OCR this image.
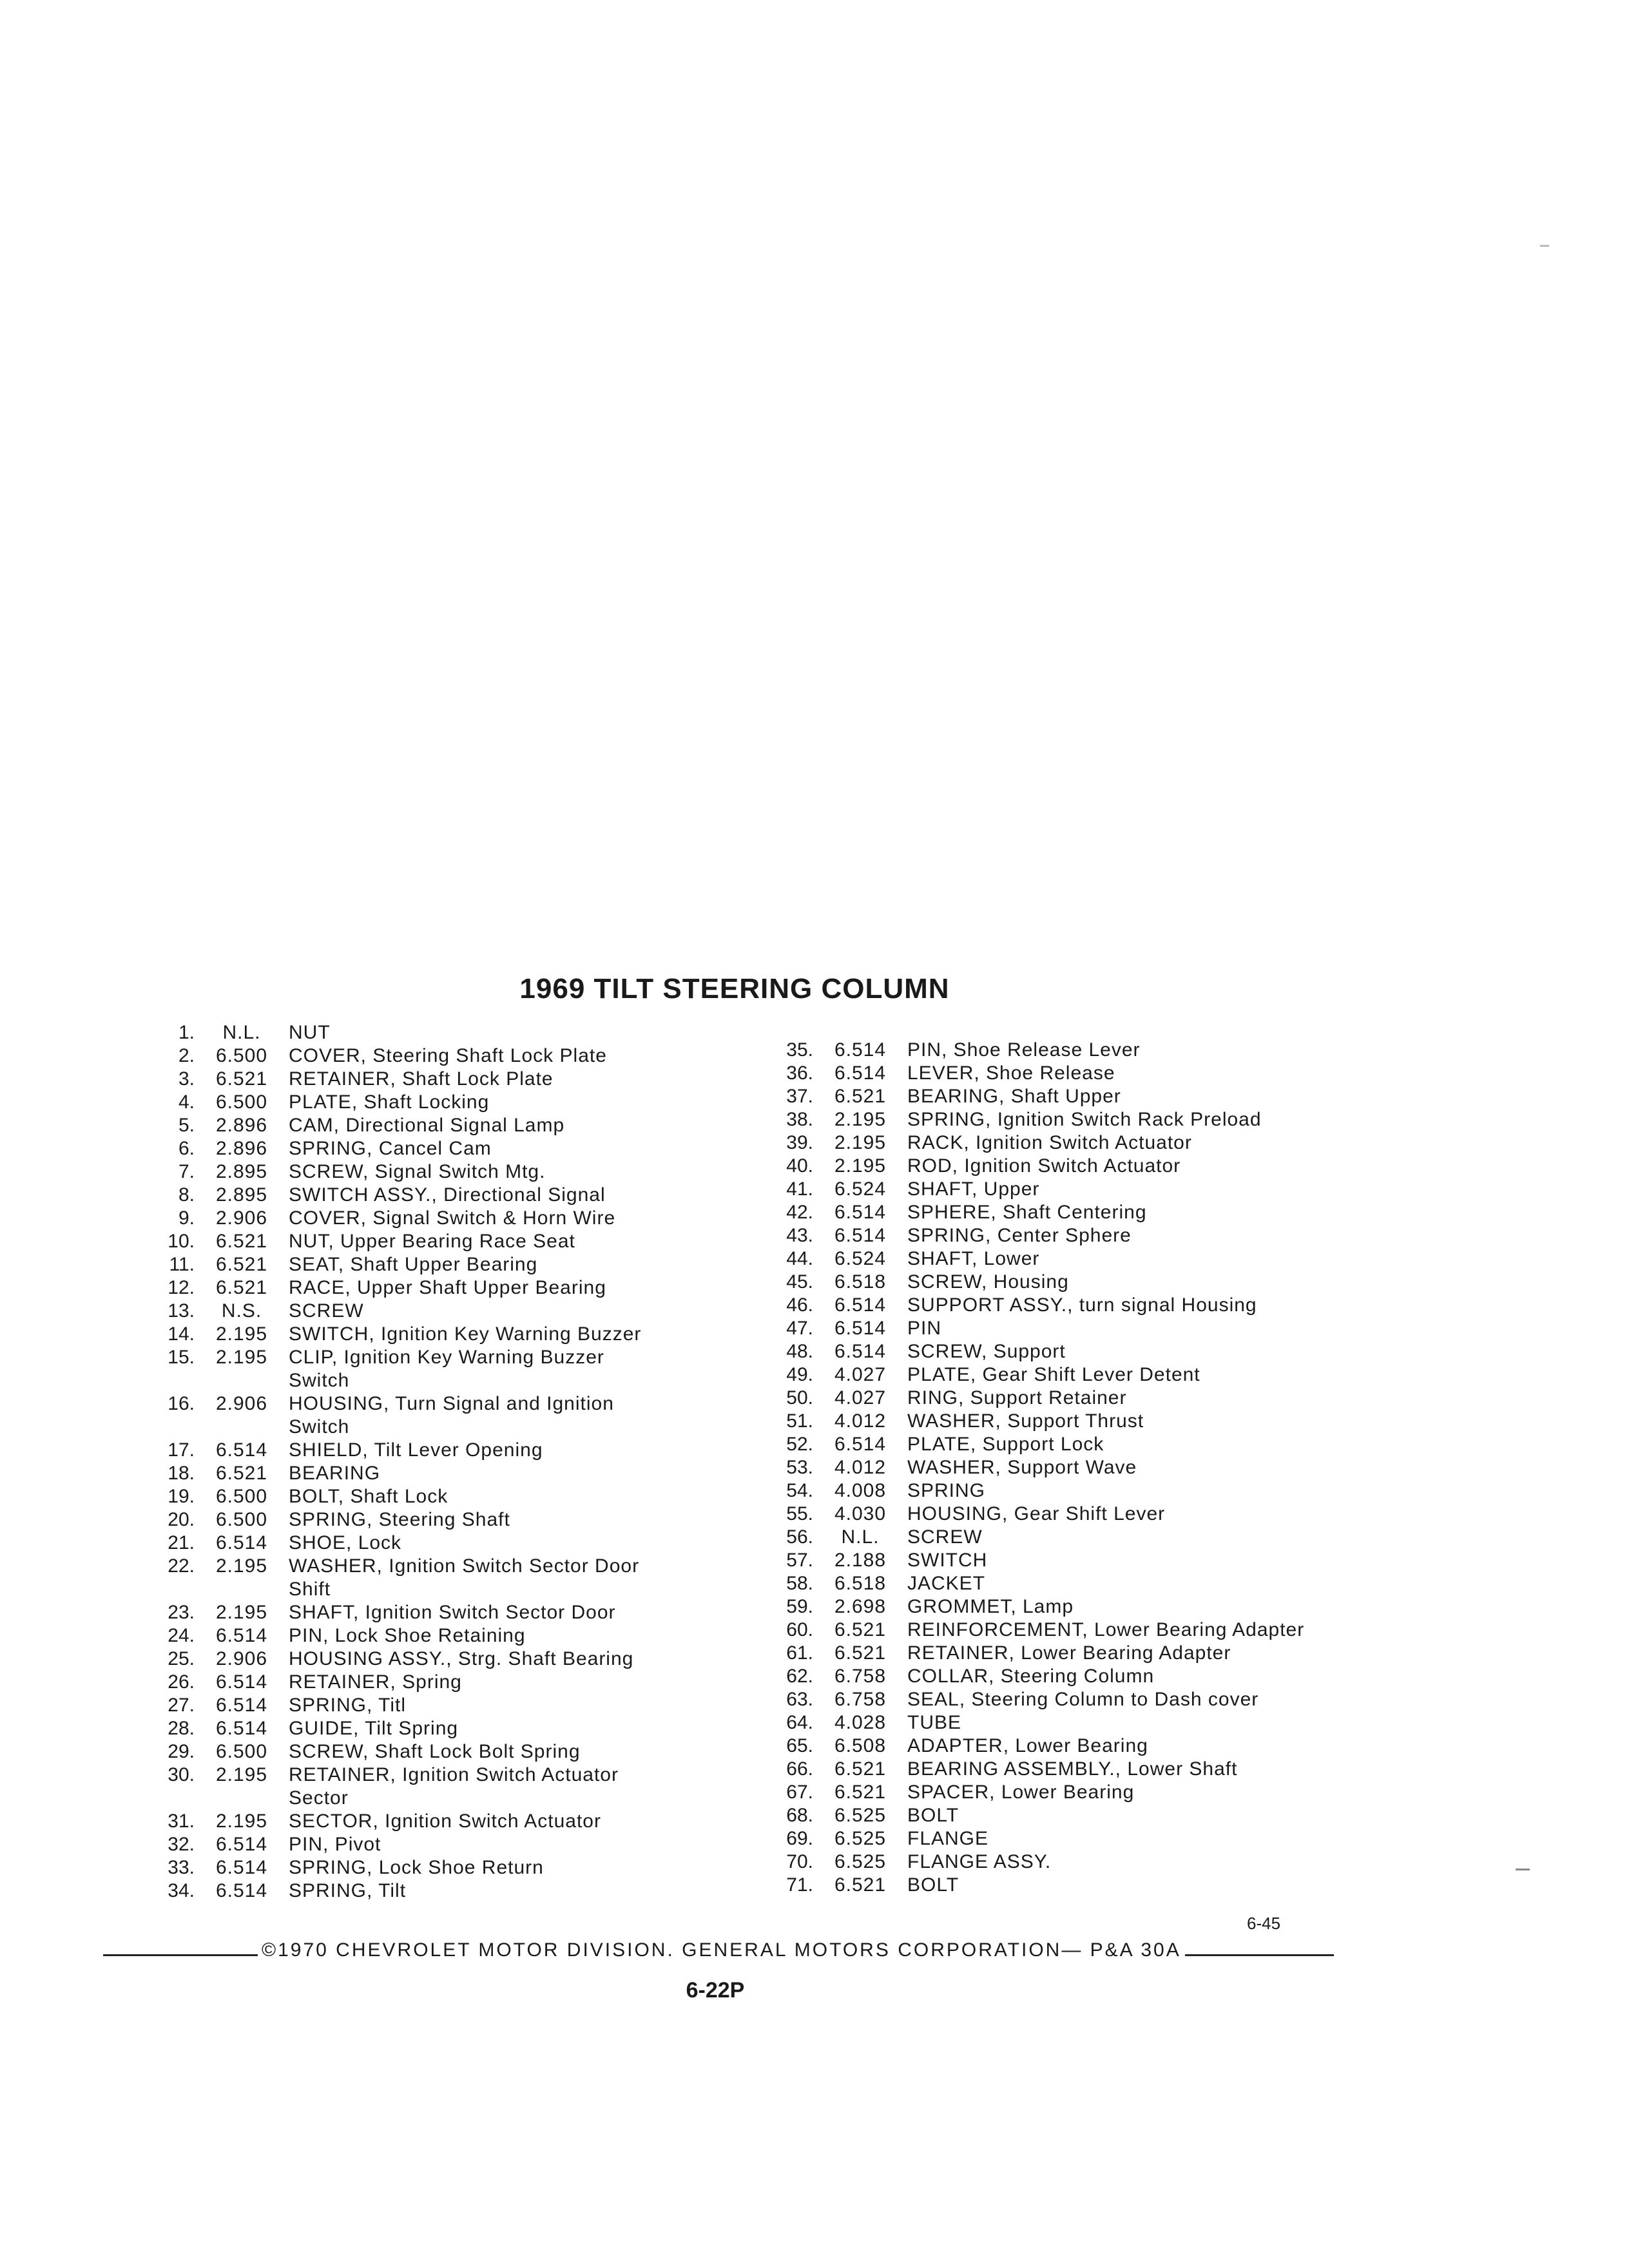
1969 TILT STEERING COLUMN
1.	N.L.	NUT
2.	6.500	COVER, Steering Shaft Lock Plate
3.	6.521	RETAINER, Shaft Lock Plate
4.	6.500	PLATE, Shaft Locking
5.	2.896	CAM, Directional Signal Lamp
6.	2.896	SPRING, Cancel Cam
7.	2.895	SCREW, Signal Switch Mtg.
8.	2.895	SWITCH ASSY., Directional Signal
9.	2.906	COVER, Signal Switch & Horn Wire
10.	6.521	NUT, Upper Bearing Race Seat
11.	6.521	SEAT, Shaft Upper Bearing
12.	6.521	RACE, Upper Shaft Upper Bearing
13.	N.S.	SCREW
14.	2.195	SWITCH, Ignition Key Warning Buzzer
15.	2.195	CLIP, Ignition Key Warning Buzzer
Switch
16.	2.906	HOUSING, Turn Signal and Ignition
Switch
17.	6.514	SHIELD, Tilt Lever Opening
18.	6.521	BEARING
19.	6.500	BOLT, Shaft Lock
20.	6.500	SPRING, Steering Shaft
21.	6.514	SHOE, Lock
22.	2.195	WASHER, Ignition Switch Sector Door
Shift
23.	2.195	SHAFT, Ignition Switch Sector Door
24.	6.514	PIN, Lock Shoe Retaining
25.	2.906	HOUSING ASSY., Strg. Shaft Bearing
26.	6.514	RETAINER, Spring
27.	6.514	SPRING, Titl
28.	6.514	GUIDE, Tilt Spring
29.	6.500	SCREW, Shaft Lock Bolt Spring
30.	2.195	RETAINER, Ignition Switch Actuator
Sector
31.	2.195	SECTOR, Ignition Switch Actuator
32.	6.514	PIN, Pivot
33.	6.514	SPRING, Lock Shoe Return
34.	6.514	SPRING, Tilt
35.	6.514	PIN, Shoe Release Lever
36.	6.514	LEVER, Shoe Release
37.	6.521	BEARING, Shaft Upper
38.	2.195	SPRING, Ignition Switch Rack Preload
39.	2.195	RACK, Ignition Switch Actuator
40.	2.195	ROD, Ignition Switch Actuator
41.	6.524	SHAFT, Upper
42.	6.514	SPHERE, Shaft Centering
43.	6.514	SPRING, Center Sphere
44.	6.524	SHAFT, Lower
45.	6.518	SCREW, Housing
46.	6.514	SUPPORT ASSY., turn signal Housing
47.	6.514	PIN
48.	6.514	SCREW, Support
49.	4.027	PLATE, Gear Shift Lever Detent
50.	4.027	RING, Support Retainer
51.	4.012	WASHER, Support Thrust
52.	6.514	PLATE, Support Lock
53.	4.012	WASHER, Support Wave
54.	4.008	SPRING
55.	4.030	HOUSING, Gear Shift Lever
56.	N.L.	SCREW
57.	2.188	SWITCH
58.	6.518	JACKET
59.	2.698	GROMMET, Lamp
60.	6.521	REINFORCEMENT, Lower Bearing Adapter
61.	6.521	RETAINER, Lower Bearing Adapter
62.	6.758	COLLAR, Steering Column
63.	6.758	SEAL, Steering Column to Dash cover
64.	4.028	TUBE
65.	6.508	ADAPTER, Lower Bearing
66.	6.521	BEARING ASSEMBLY., Lower Shaft
67.	6.521	SPACER, Lower Bearing
68.	6.525	BOLT
69.	6.525	FLANGE
70.	6.525	FLANGE ASSY.
71.	6.521	BOLT
6-45
©1970 CHEVROLET MOTOR DIVISION. GENERAL MOTORS CORPORATION— P&A 30A
6-22P
